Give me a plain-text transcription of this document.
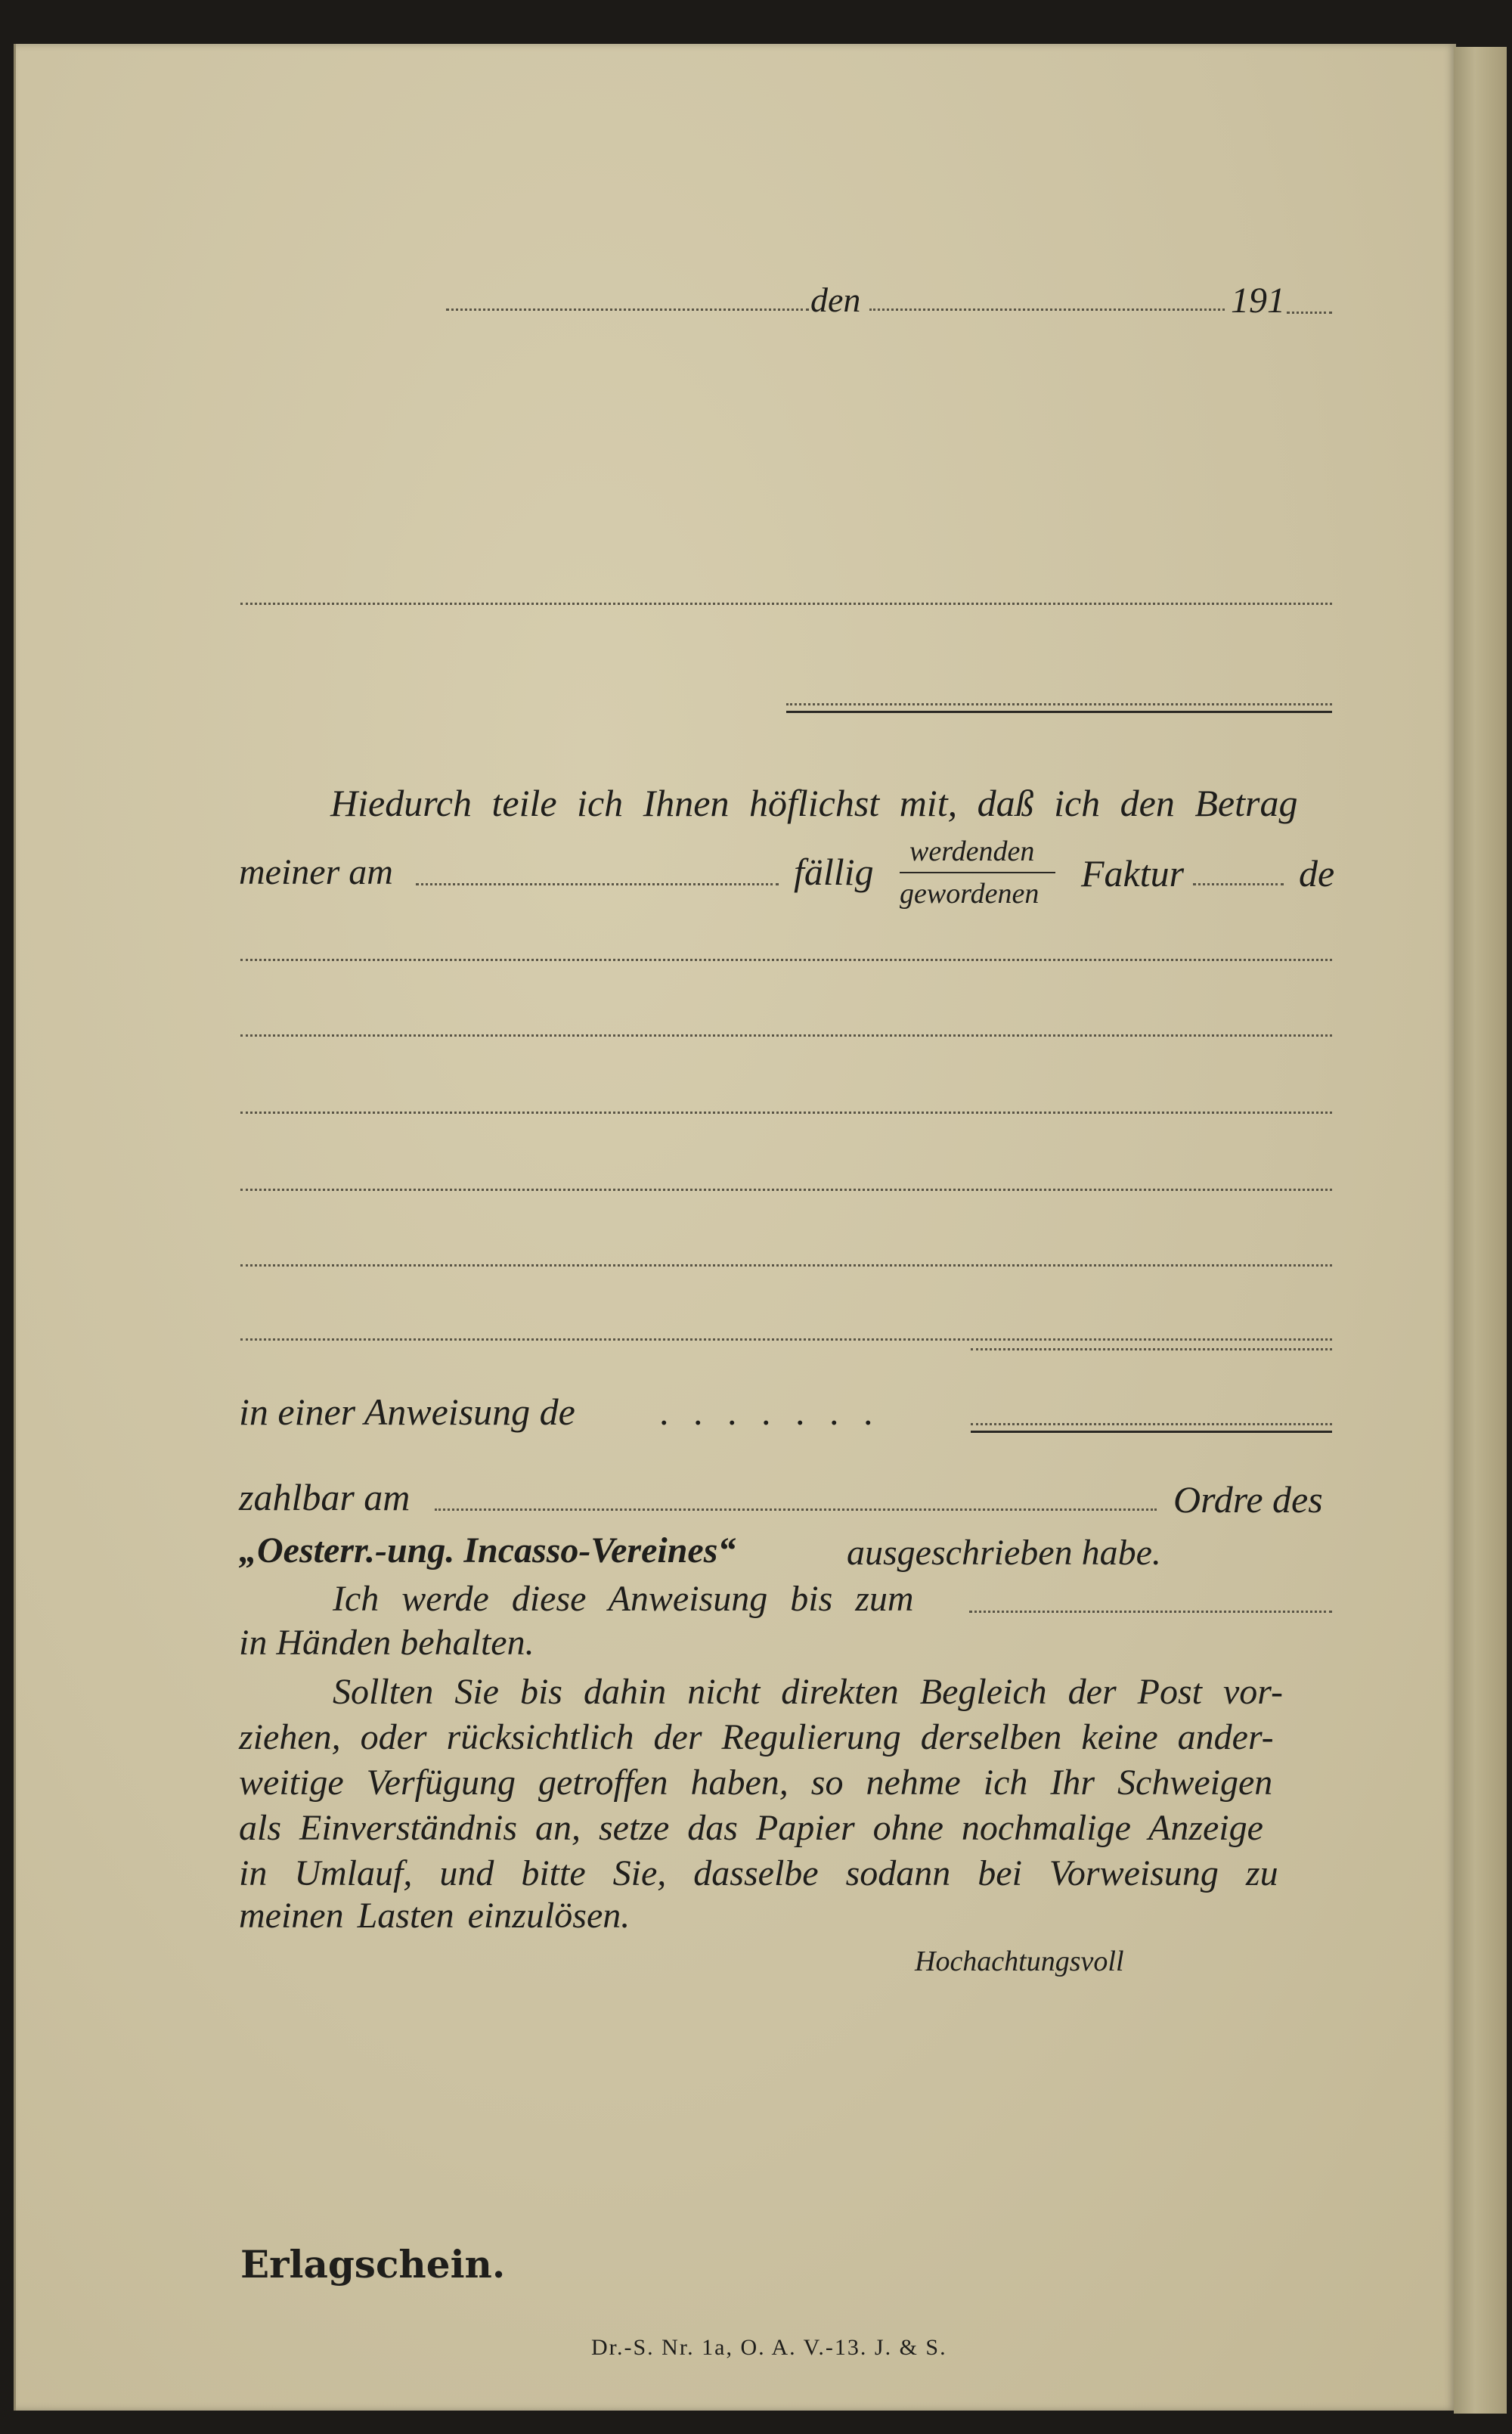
den	191
Hiedurch teile ich Ihnen höflichst mit, daß ich den Betrag
meiner am	fällig werdenden
gewordenen Faktur	de
in einer Anweisung de . . . . . . .
zahlbar am	Ordre des
„Oesterr.-ung. Incasso-Vereines“	ausgeschrieben habe.
Ich werde diese Anweisung bis zum
in Händen behalten.
Sollten Sie bis dahin nicht direkten Begleich der Post vor-
ziehen, oder rücksichtlich der Regulierung derselben keine ander-
weitige Verfügung getroffen haben, so nehme ich Ihr Schweigen
als Einverständnis an, setze das Papier ohne nochmalige Anzeige
in Umlauf, und bitte Sie, dasselbe sodann bei Vorweisung zu
meinen Lasten einzulösen.
Hochachtungsvoll
Erlagschein.
Dr.-S. Nr. 1a, O. A. V.-13. J. & S.
